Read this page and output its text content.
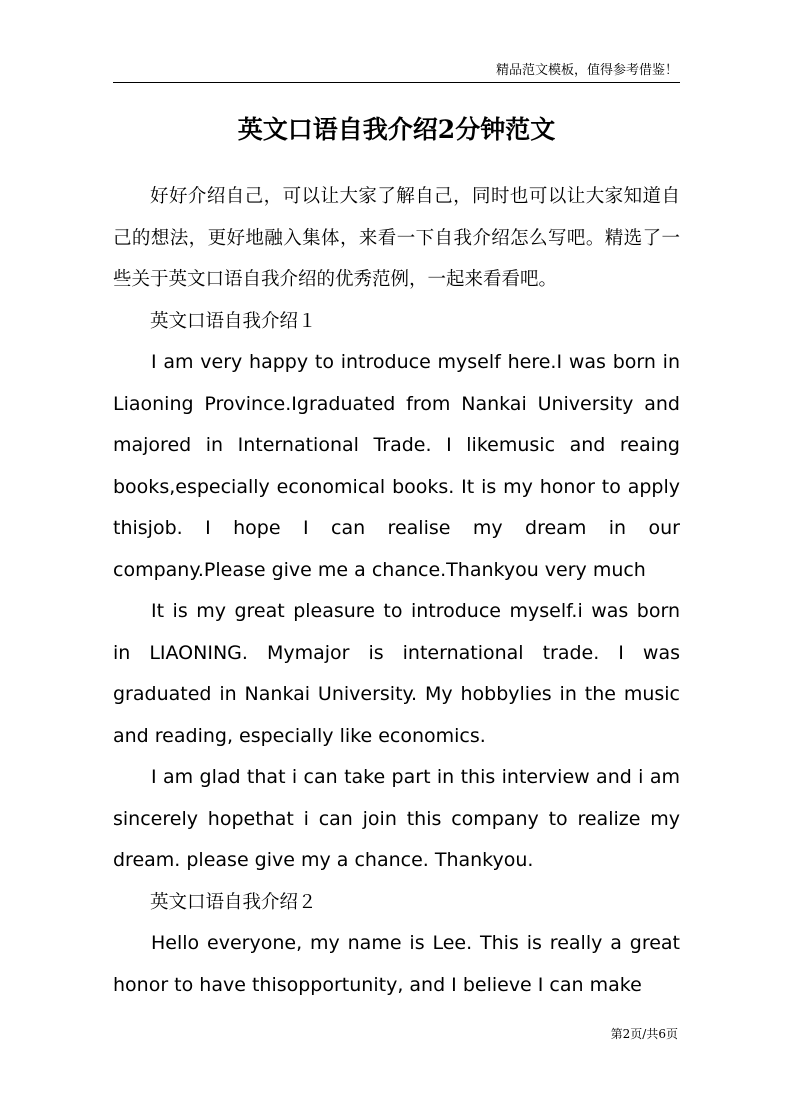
精品范文模板，值得参考借鉴！
英文口语自我介绍2分钟范文

好好介绍自己，可以让大家了解自己，同时也可以让大家知道自己的想法，更好地融入集体，来看一下自我介绍怎么写吧。精选了一些关于英文口语自我介绍的优秀范例，一起来看看吧。

英文口语自我介绍１

I am very happy to introduce myself here.I was born in Liaoning Province.Igraduated from Nankai University and majored in International Trade. I likemusic and reaing books,especially economical books. It is my honor to apply thisjob. I hope I can realise my dream in our company.Please give me a chance.Thankyou very much

It is my great pleasure to introduce myself.i was born in LIAONING. Mymajor is international trade. I was graduated in Nankai University. My hobbylies in the music and reading, especially like economics.

I am glad that i can take part in this interview and i am sincerely hopethat i can join this company to realize my dream. please give my a chance. Thankyou.

英文口语自我介绍２

Hello everyone, my name is Lee. This is really a great honor to have thisopportunity, and I believe I can make

第2页/共6页
